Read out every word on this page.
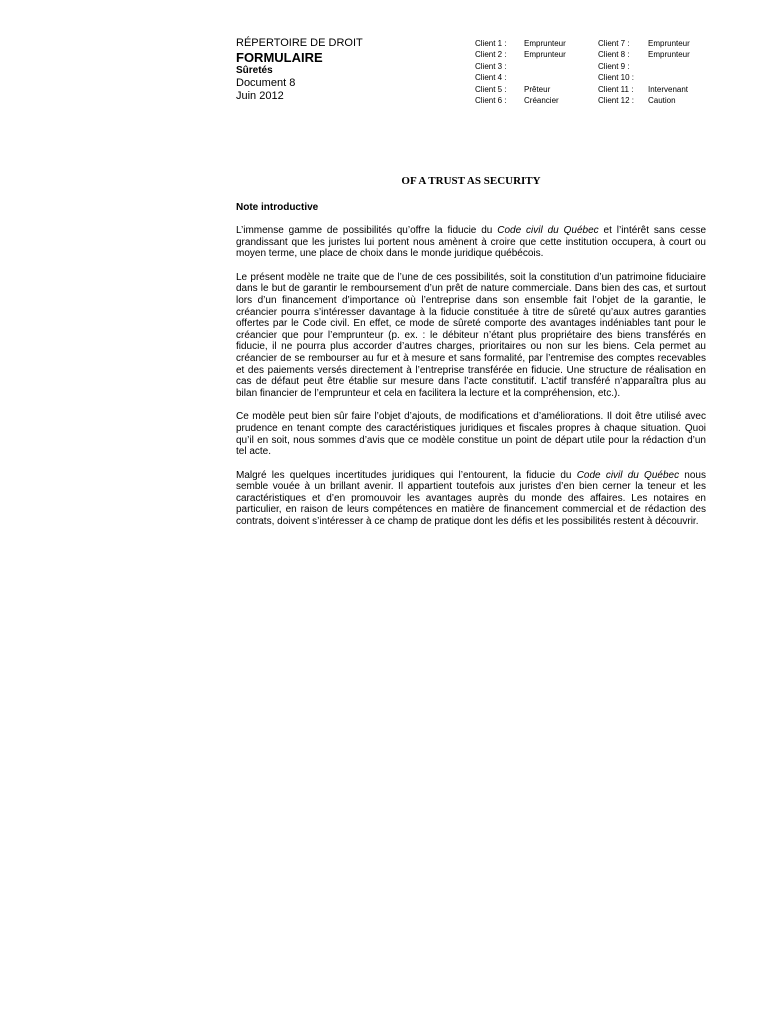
RÉPERTOIRE DE DROIT
FORMULAIRE
Sûretés
Document 8
Juin 2012
Client 1 :	Emprunteur
Client 2 :	Emprunteur
Client 3 :
Client 4 :
Client 5 :	Prêteur
Client 6 :	Créancier
Client 7 :	Emprunteur
Client 8 :	Emprunteur
Client 9 :
Client 10 :
Client 11 :	Intervenant
Client 12 :	Caution
OF A TRUST AS SECURITY
Note introductive

L’immense gamme de possibilités qu’offre la fiducie du Code civil du Québec et l’intérêt sans cesse grandissant que les juristes lui portent nous amènent à croire que cette institution occupera, à court ou moyen terme, une place de choix dans le monde juridique québécois.

Le présent modèle ne traite que de l’une de ces possibilités, soit la constitution d’un patrimoine fiduciaire dans le but de garantir le remboursement d’un prêt de nature commerciale. Dans bien des cas, et surtout lors d’un financement d’importance où l’entreprise dans son ensemble fait l’objet de la garantie, le créancier pourra s’intéresser davantage à la fiducie constituée à titre de sûreté qu’aux autres garanties offertes par le Code civil. En effet, ce mode de sûreté comporte des avantages indéniables tant pour le créancier que pour l’emprunteur (p. ex. : le débiteur n’étant plus propriétaire des biens transférés en fiducie, il ne pourra plus accorder d’autres charges, prioritaires ou non sur les biens. Cela permet au créancier de se rembourser au fur et à mesure et sans formalité, par l’entremise des comptes recevables et des paiements versés directement à l’entreprise transférée en fiducie. Une structure de réalisation en cas de défaut peut être établie sur mesure dans l’acte constitutif. L’actif transféré n’apparaîtra plus au bilan financier de l’emprunteur et cela en facilitera la lecture et la compréhension, etc.).

Ce modèle peut bien sûr faire l’objet d’ajouts, de modifications et d’améliorations. Il doit être utilisé avec prudence en tenant compte des caractéristiques juridiques et fiscales propres à chaque situation. Quoi qu’il en soit, nous sommes d’avis que ce modèle constitue un point de départ utile pour la rédaction d’un tel acte.

Malgré les quelques incertitudes juridiques qui l’entourent, la fiducie du Code civil du Québec nous semble vouée à un brillant avenir. Il appartient toutefois aux juristes d’en bien cerner la teneur et les caractéristiques et d’en promouvoir les avantages auprès du monde des affaires. Les notaires en particulier, en raison de leurs compétences en matière de financement commercial et de rédaction des contrats, doivent s’intéresser à ce champ de pratique dont les défis et les possibilités restent à découvrir.
